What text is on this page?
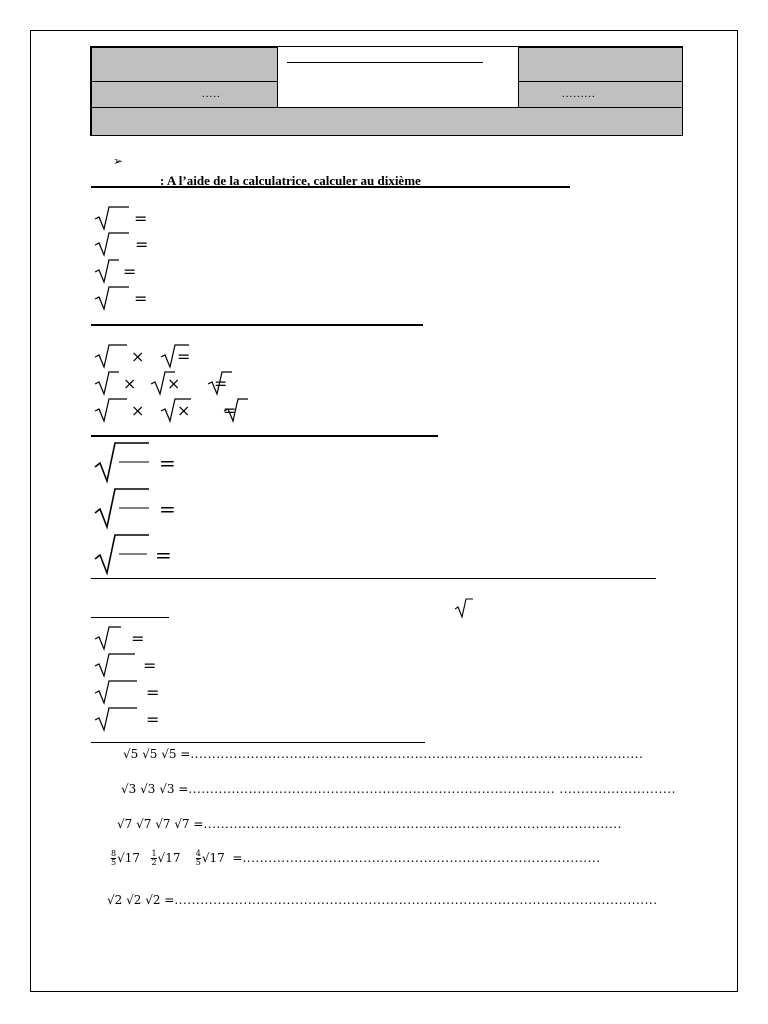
.....	.........
➢
: A l’aide de la calculatrice, calculer au dixième
=
=
=
=
× =
× × =
× × =
=
=
=
=
=
=
=
√5 √5 √5 =.........................................................................................................
√3 √3 √3 =..................................................................................... ...........................
√7 √7 √7 √7 =.................................................................................................
$\frac{8}{5} √17 \frac{1}{2} √17 \frac{4}{5} √17$  =...................................................................................
√2 √2 √2 =................................................................................................................
